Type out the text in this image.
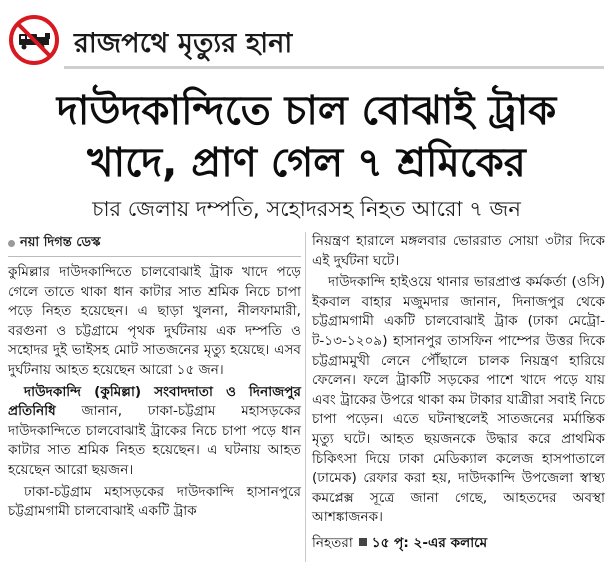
রাজপথে মৃত্যুর হানা
দাউদকান্দিতে চাল বোঝাই ট্রাক
খাদে, প্রাণ গেল ৭ শ্রমিকের
চার জেলায় দম্পতি, সহোদরসহ নিহত আরো ৭ জন
নয়া দিগন্ত ডেস্ক

কুমিল্লার দাউদকান্দিতে চালবোঝাই ট্রাক খাদে পড়ে গেলে তাতে থাকা ধান কাটার সাত শ্রমিক নিচে চাপা পড়ে নিহত হয়েছেন। এ ছাড়া খুলনা, নীলফামারী, বরগুনা ও চট্টগ্রামে পৃথক দুর্ঘটনায় এক দম্পতি ও সহোদর দুই ভাইসহ মোট সাতজনের মৃত্যু হয়েছে। এসব দুর্ঘটনায় আহত হয়েছেন আরো ১৫ জন।

দাউদকান্দি (কুমিল্লা) সংবাদদাতা ও দিনাজপুর প্রতিনিধি জানান, ঢাকা-চট্টগ্রাম মহাসড়কের দাউদকান্দিতে চালবোঝাই ট্রাকের নিচে চাপা পড়ে ধান কাটার সাত শ্রমিক নিহত হয়েছেন। এ ঘটনায় আহত হয়েছেন আরো ছয়জন।

ঢাকা-চট্টগ্রাম মহাসড়কের দাউদকান্দি হাসানপুরে চট্টগ্রামগামী চালবোঝাই একটি ট্রাক

নিয়ন্ত্রণ হারালে মঙ্গলবার ভোররাত সোয়া ৩টার দিকে এই দুর্ঘটনা ঘটে।

দাউদকান্দি হাইওয়ে থানার ভারপ্রাপ্ত কর্মকর্তা (ওসি) ইকবাল বাহার মজুমদার জানান, দিনাজপুর থেকে চট্টগ্রামগামী একটি চালবোঝাই ট্রাক (ঢাকা মেট্রো-ট-১৩-১২০৯) হাসানপুর তাসফিন পাম্পের উত্তর দিকে চট্টগ্রামমুখী লেনে পৌঁছালে চালক নিয়ন্ত্রণ হারিয়ে ফেলেন। ফলে ট্রাকটি সড়কের পাশে খাদে পড়ে যায় এবং ট্রাকের উপরে থাকা কম টাকার যাত্রীরা সবাই নিচে চাপা পড়েন। এতে ঘটনাস্থলেই সাতজনের মর্মান্তিক মৃত্যু ঘটে। আহত ছয়জনকে উদ্ধার করে প্রাথমিক চিকিৎসা দিয়ে ঢাকা মেডিক্যাল কলেজ হাসপাতালে (ঢামেক) রেফার করা হয়, দাউদকান্দি উপজেলা স্বাস্থ্য কমপ্লেক্স সূত্রে জানা গেছে, আহতদের অবস্থা আশঙ্কাজনক।

নিহতরা ১৫ পৃ: ২-এর কলামে
